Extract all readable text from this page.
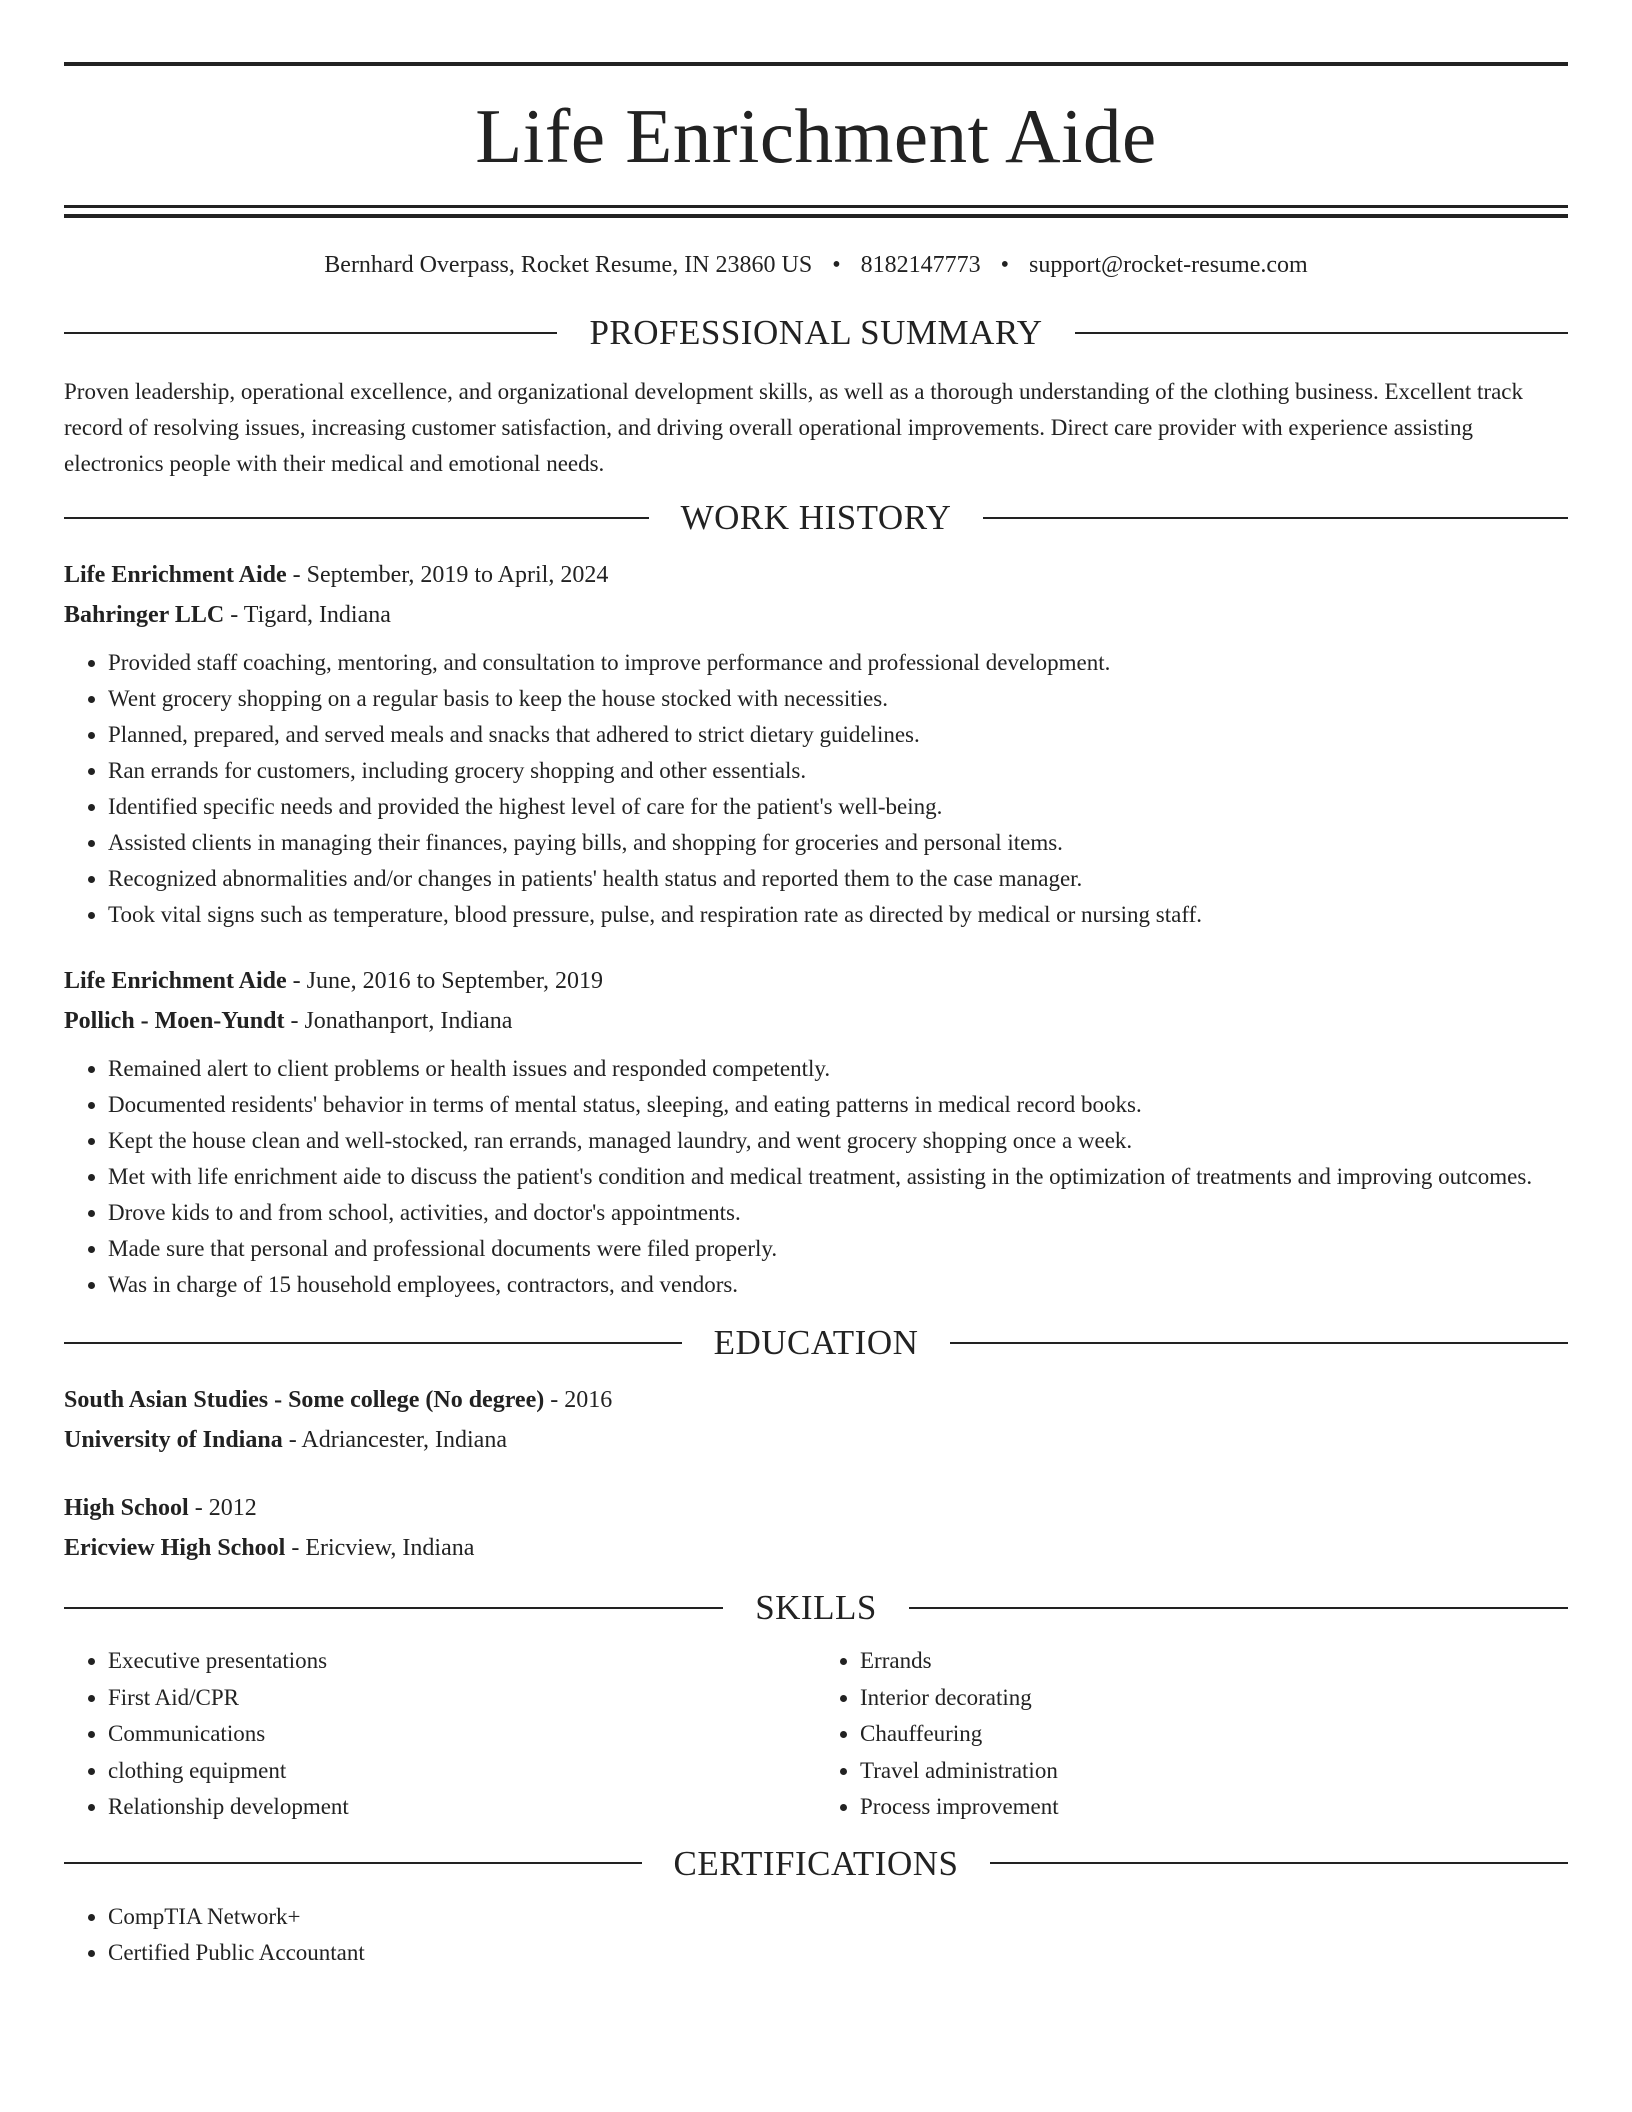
Life Enrichment Aide
Bernhard Overpass, Rocket Resume, IN 23860 US • 8182147773 • support@rocket-resume.com
PROFESSIONAL SUMMARY

Proven leadership, operational excellence, and organizational development skills, as well as a thorough understanding of the clothing business. Excellent track record of resolving issues, increasing customer satisfaction, and driving overall operational improvements. Direct care provider with experience assisting electronics people with their medical and emotional needs.

WORK HISTORY
Life Enrichment Aide - September, 2019 to April, 2024
Bahringer LLC - Tigard, Indiana
• Provided staff coaching, mentoring, and consultation to improve performance and professional development.
• Went grocery shopping on a regular basis to keep the house stocked with necessities.
• Planned, prepared, and served meals and snacks that adhered to strict dietary guidelines.
• Ran errands for customers, including grocery shopping and other essentials.
• Identified specific needs and provided the highest level of care for the patient's well-being.
• Assisted clients in managing their finances, paying bills, and shopping for groceries and personal items.
• Recognized abnormalities and/or changes in patients' health status and reported them to the case manager.
• Took vital signs such as temperature, blood pressure, pulse, and respiration rate as directed by medical or nursing staff.
Life Enrichment Aide - June, 2016 to September, 2019
Pollich - Moen-Yundt - Jonathanport, Indiana
• Remained alert to client problems or health issues and responded competently.
• Documented residents' behavior in terms of mental status, sleeping, and eating patterns in medical record books.
• Kept the house clean and well-stocked, ran errands, managed laundry, and went grocery shopping once a week.
• Met with life enrichment aide to discuss the patient's condition and medical treatment, assisting in the optimization of treatments and improving outcomes.
• Drove kids to and from school, activities, and doctor's appointments.
• Made sure that personal and professional documents were filed properly.
• Was in charge of 15 household employees, contractors, and vendors.
EDUCATION
South Asian Studies - Some college (No degree) - 2016
University of Indiana - Adriancester, Indiana
High School - 2012
Ericview High School - Ericview, Indiana
SKILLS
• Executive presentations
• First Aid/CPR
• Communications
• clothing equipment
• Relationship development
• Errands
• Interior decorating
• Chauffeuring
• Travel administration
• Process improvement
CERTIFICATIONS
• CompTIA Network+
• Certified Public Accountant
